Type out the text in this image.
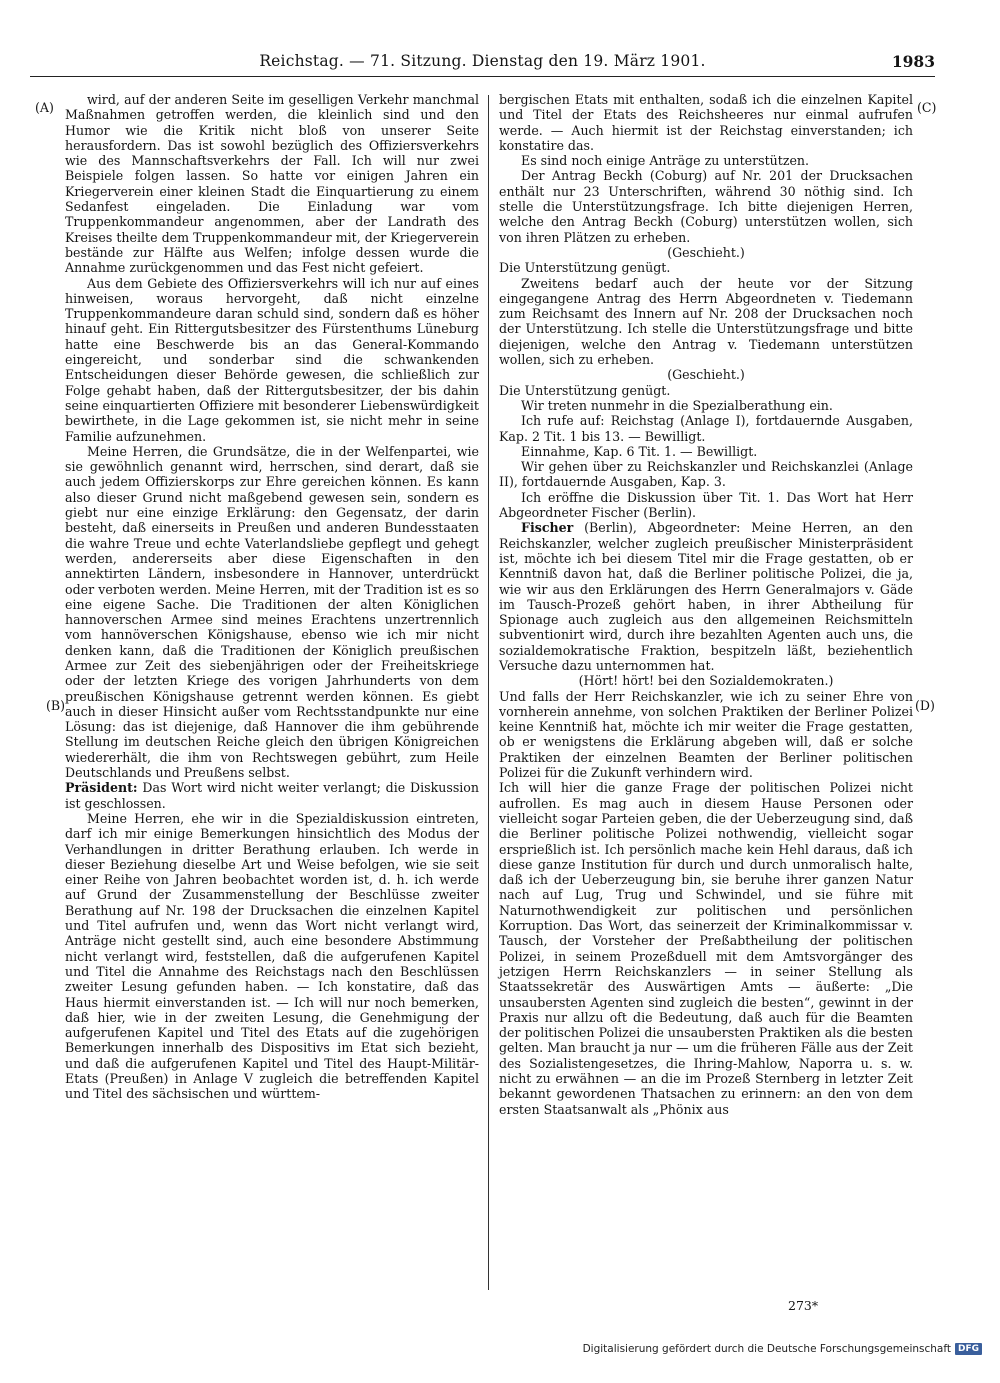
Reichstag. — 71. Sitzung. Dienstag den 19. März 1901.	1983
(A)
(B)
(C)
(D)

wird, auf der anderen Seite im geselligen Verkehr manchmal Maßnahmen getroffen werden, die kleinlich sind und den Humor wie die Kritik nicht bloß von unserer Seite herausfordern. Das ist sowohl bezüglich des Offiziersverkehrs wie des Mannschaftsverkehrs der Fall. Ich will nur zwei Beispiele folgen lassen. So hatte vor einigen Jahren ein Kriegerverein einer kleinen Stadt die Einquartierung zu einem Sedanfest eingeladen. Die Einladung war vom Truppenkommandeur angenommen, aber der Landrath des Kreises theilte dem Truppenkommandeur mit, der Kriegerverein bestände zur Hälfte aus Welfen; infolge dessen wurde die Annahme zurückgenommen und das Fest nicht gefeiert.

Aus dem Gebiete des Offiziersverkehrs will ich nur auf eines hinweisen, woraus hervorgeht, daß nicht einzelne Truppenkommandeure daran schuld sind, sondern daß es höher hinauf geht. Ein Rittergutsbesitzer des Fürstenthums Lüneburg hatte eine Beschwerde bis an das General-Kommando eingereicht, und sonderbar sind die schwankenden Entscheidungen dieser Behörde gewesen, die schließlich zur Folge gehabt haben, daß der Rittergutsbesitzer, der bis dahin seine einquartierten Offiziere mit besonderer Liebenswürdigkeit bewirthete, in die Lage gekommen ist, sie nicht mehr in seine Familie aufzunehmen.

Meine Herren, die Grundsätze, die in der Welfenpartei, wie sie gewöhnlich genannt wird, herrschen, sind derart, daß sie auch jedem Offizierskorps zur Ehre gereichen können. Es kann also dieser Grund nicht maßgebend gewesen sein, sondern es giebt nur eine einzige Erklärung: den Gegensatz, der darin besteht, daß einerseits in Preußen und anderen Bundesstaaten die wahre Treue und echte Vaterlandsliebe gepflegt und gehegt werden, andererseits aber diese Eigenschaften in den annektirten Ländern, insbesondere in Hannover, unterdrückt oder verboten werden. Meine Herren, mit der Tradition ist es so eine eigene Sache. Die Traditionen der alten Königlichen hannoverschen Armee sind meines Erachtens unzertrennlich vom hannöverschen Königshause, ebenso wie ich mir nicht denken kann, daß die Traditionen der Königlich preußischen Armee zur Zeit des siebenjährigen oder der Freiheitskriege oder der letzten Kriege des vorigen Jahrhunderts von dem preußischen Königshause getrennt werden können. Es giebt auch in dieser Hinsicht außer vom Rechtsstandpunkte nur eine Lösung: das ist diejenige, daß Hannover die ihm gebührende Stellung im deutschen Reiche gleich den übrigen Königreichen wiedererhält, die ihm von Rechtswegen gebührt, zum Heile Deutschlands und Preußens selbst.

Präsident: Das Wort wird nicht weiter verlangt; die Diskussion ist geschlossen.

Meine Herren, ehe wir in die Spezialdiskussion eintreten, darf ich mir einige Bemerkungen hinsichtlich des Modus der Verhandlungen in dritter Berathung erlauben. Ich werde in dieser Beziehung dieselbe Art und Weise befolgen, wie sie seit einer Reihe von Jahren beobachtet worden ist, d. h. ich werde auf Grund der Zusammenstellung der Beschlüsse zweiter Berathung auf Nr. 198 der Drucksachen die einzelnen Kapitel und Titel aufrufen und, wenn das Wort nicht verlangt wird, Anträge nicht gestellt sind, auch eine besondere Abstimmung nicht verlangt wird, feststellen, daß die aufgerufenen Kapitel und Titel die Annahme des Reichstags nach den Beschlüssen zweiter Lesung gefunden haben. — Ich konstatire, daß das Haus hiermit einverstanden ist. — Ich will nur noch bemerken, daß hier, wie in der zweiten Lesung, die Genehmigung der aufgerufenen Kapitel und Titel des Etats auf die zugehörigen Bemerkungen innerhalb des Dispositivs im Etat sich bezieht, und daß die aufgerufenen Kapitel und Titel des Haupt-Militär-Etats (Preußen) in Anlage V zugleich die betreffenden Kapitel und Titel des sächsischen und württem-

bergischen Etats mit enthalten, sodaß ich die einzelnen Kapitel und Titel der Etats des Reichsheeres nur einmal aufrufen werde. — Auch hiermit ist der Reichstag einverstanden; ich konstatire das.

Es sind noch einige Anträge zu unterstützen.

Der Antrag Beckh (Coburg) auf Nr. 201 der Drucksachen enthält nur 23 Unterschriften, während 30 nöthig sind. Ich stelle die Unterstützungsfrage. Ich bitte diejenigen Herren, welche den Antrag Beckh (Coburg) unterstützen wollen, sich von ihren Plätzen zu erheben.

(Geschieht.)

Die Unterstützung genügt.

Zweitens bedarf auch der heute vor der Sitzung eingegangene Antrag des Herrn Abgeordneten v. Tiedemann zum Reichsamt des Innern auf Nr. 208 der Drucksachen noch der Unterstützung. Ich stelle die Unterstützungsfrage und bitte diejenigen, welche den Antrag v. Tiedemann unterstützen wollen, sich zu erheben.

(Geschieht.)

Die Unterstützung genügt.

Wir treten nunmehr in die Spezialberathung ein.

Ich rufe auf: Reichstag (Anlage I), fortdauernde Ausgaben, Kap. 2 Tit. 1 bis 13. — Bewilligt.

Einnahme, Kap. 6 Tit. 1. — Bewilligt.

Wir gehen über zu Reichskanzler und Reichskanzlei (Anlage II), fortdauernde Ausgaben, Kap. 3.

Ich eröffne die Diskussion über Tit. 1. Das Wort hat Herr Abgeordneter Fischer (Berlin).

Fischer (Berlin), Abgeordneter: Meine Herren, an den Reichskanzler, welcher zugleich preußischer Ministerpräsident ist, möchte ich bei diesem Titel mir die Frage gestatten, ob er Kenntniß davon hat, daß die Berliner politische Polizei, die ja, wie wir aus den Erklärungen des Herrn Generalmajors v. Gäde im Tausch-Prozeß gehört haben, in ihrer Abtheilung für Spionage auch zugleich aus den allgemeinen Reichsmitteln subventionirt wird, durch ihre bezahlten Agenten auch uns, die sozialdemokratische Fraktion, bespitzeln läßt, beziehentlich Versuche dazu unternommen hat.

(Hört! hört! bei den Sozialdemokraten.)

Und falls der Herr Reichskanzler, wie ich zu seiner Ehre von vornherein annehme, von solchen Praktiken der Berliner Polizei keine Kenntniß hat, möchte ich mir weiter die Frage gestatten, ob er wenigstens die Erklärung abgeben will, daß er solche Praktiken der einzelnen Beamten der Berliner politischen Polizei für die Zukunft verhindern wird.

Ich will hier die ganze Frage der politischen Polizei nicht aufrollen. Es mag auch in diesem Hause Personen oder vielleicht sogar Parteien geben, die der Ueberzeugung sind, daß die Berliner politische Polizei nothwendig, vielleicht sogar ersprießlich ist. Ich persönlich mache kein Hehl daraus, daß ich diese ganze Institution für durch und durch unmoralisch halte, daß ich der Ueberzeugung bin, sie beruhe ihrer ganzen Natur nach auf Lug, Trug und Schwindel, und sie führe mit Naturnothwendigkeit zur politischen und persönlichen Korruption. Das Wort, das seinerzeit der Kriminalkommissar v. Tausch, der Vorsteher der Preßabtheilung der politischen Polizei, in seinem Prozeßduell mit dem Amtsvorgänger des jetzigen Herrn Reichskanzlers — in seiner Stellung als Staatssekretär des Auswärtigen Amts — äußerte: „Die unsaubersten Agenten sind zugleich die besten“, gewinnt in der Praxis nur allzu oft die Bedeutung, daß auch für die Beamten der politischen Polizei die unsaubersten Praktiken als die besten gelten. Man braucht ja nur — um die früheren Fälle aus der Zeit des Sozialistengesetzes, die Ihring-Mahlow, Naporra u. s. w. nicht zu erwähnen — an die im Prozeß Sternberg in letzter Zeit bekannt gewordenen Thatsachen zu erinnern: an den von dem ersten Staatsanwalt als „Phönix aus

273*
Digitalisierung gefördert durch die Deutsche Forschungsgemeinschaft DFG
